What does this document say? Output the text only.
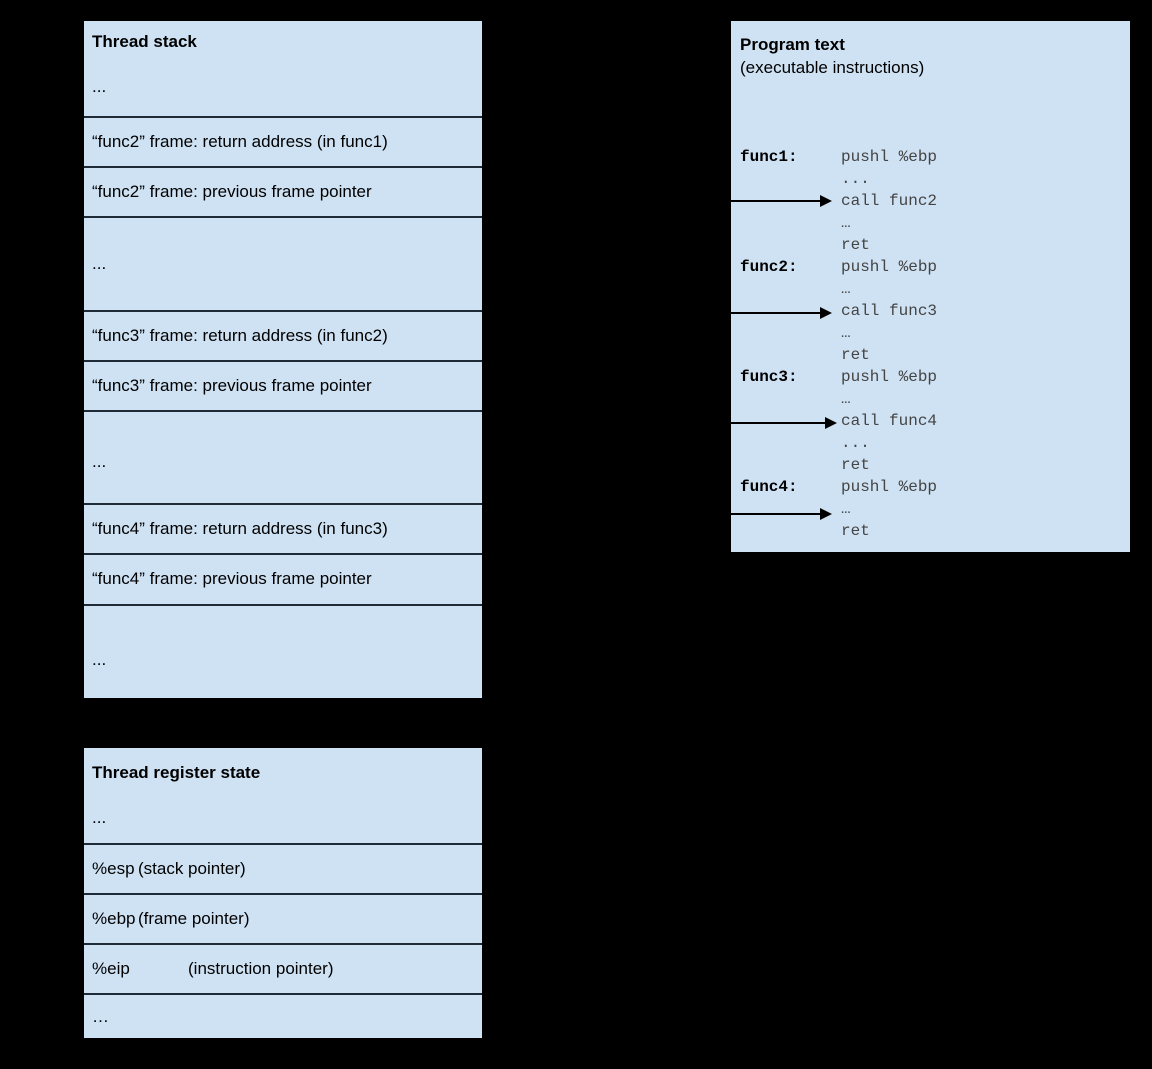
Thread stack
...
“func2” frame: return address (in func1)
“func2” frame: previous frame pointer
...
“func3” frame: return address (in func2)
“func3” frame: previous frame pointer
...
“func4” frame: return address (in func3)
“func4” frame: previous frame pointer
...
Thread register state
...
%esp (stack pointer)
%ebp (frame pointer)
%eip	(instruction pointer)
…
Program text
(executable instructions)
func1:	pushl %ebp
...
call func2
…
ret
func2:	pushl %ebp
…
call func3
…
ret
func3:	pushl %ebp
…
call func4
...
ret
func4:	pushl %ebp
…
ret
